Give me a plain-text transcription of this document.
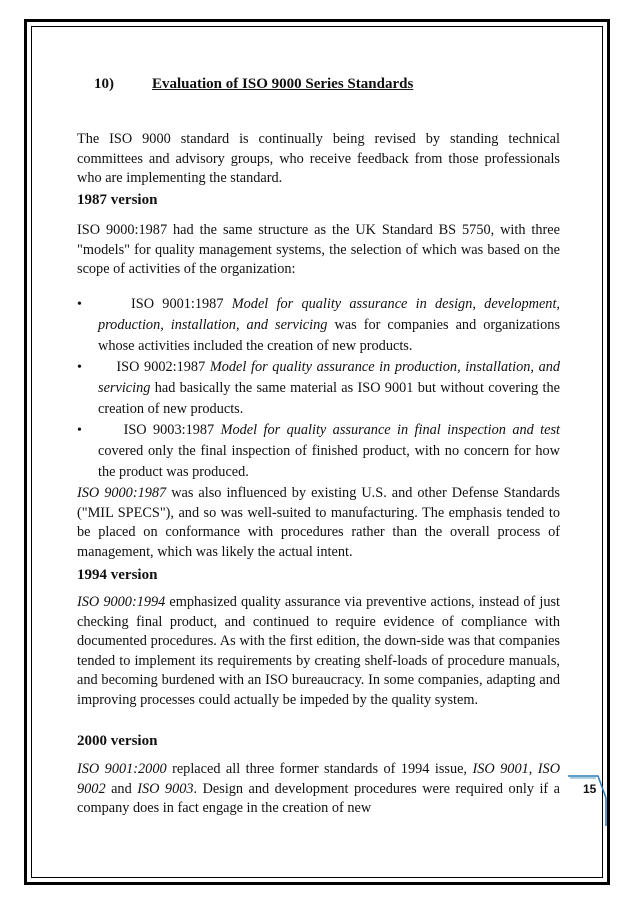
10)	Evaluation of ISO 9000 Series Standards

The ISO 9000 standard is continually being revised by standing technical committees and advisory groups, who receive feedback from those professionals who are implementing the standard.

1987 version

ISO 9000:1987 had the same structure as the UK Standard BS 5750, with three "models" for quality management systems, the selection of which was based on the scope of activities of the organization:

•	ISO 9001:1987 Model for quality assurance in design, development, production, installation, and servicing was for companies and organizations whose activities included the creation of new products.
•	ISO 9002:1987 Model for quality assurance in production, installation, and servicing had basically the same material as ISO 9001 but without covering the creation of new products.
•	ISO 9003:1987 Model for quality assurance in final inspection and test covered only the final inspection of finished product, with no concern for how the product was produced.

ISO 9000:1987 was also influenced by existing U.S. and other Defense Standards ("MIL SPECS"), and so was well-suited to manufacturing. The emphasis tended to be placed on conformance with procedures rather than the overall process of management, which was likely the actual intent.

1994 version

ISO 9000:1994 emphasized quality assurance via preventive actions, instead of just checking final product, and continued to require evidence of compliance with documented procedures. As with the first edition, the down-side was that companies tended to implement its requirements by creating shelf-loads of procedure manuals, and becoming burdened with an ISO bureaucracy. In some companies, adapting and improving processes could actually be impeded by the quality system.

2000 version

ISO 9001:2000 replaced all three former standards of 1994 issue, ISO 9001, ISO 9002 and ISO 9003. Design and development procedures were required only if a company does in fact engage in the creation of new

15
